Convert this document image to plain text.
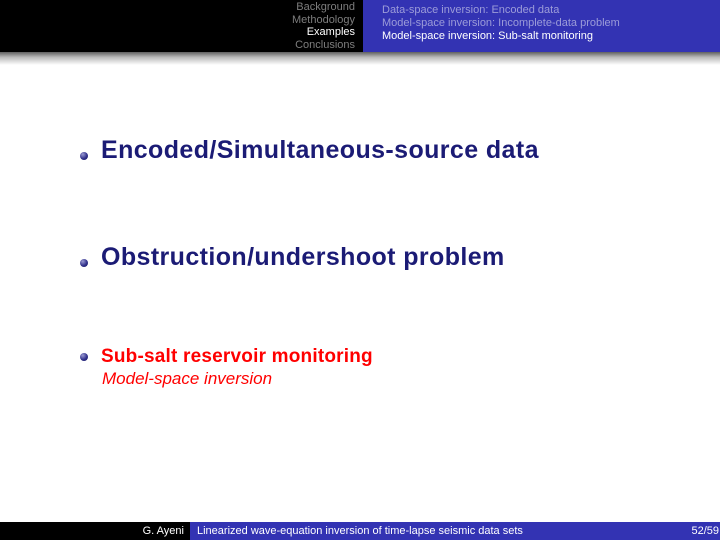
Background
Methodology
Examples
Conclusions
Data-space inversion: Encoded data
Model-space inversion: Incomplete-data problem
Model-space inversion: Sub-salt monitoring
Encoded/Simultaneous-source data
Obstruction/undershoot problem
Sub-salt reservoir monitoring
Model-space inversion
G. Ayeni	Linearized wave-equation inversion of time-lapse seismic data sets	52/59
